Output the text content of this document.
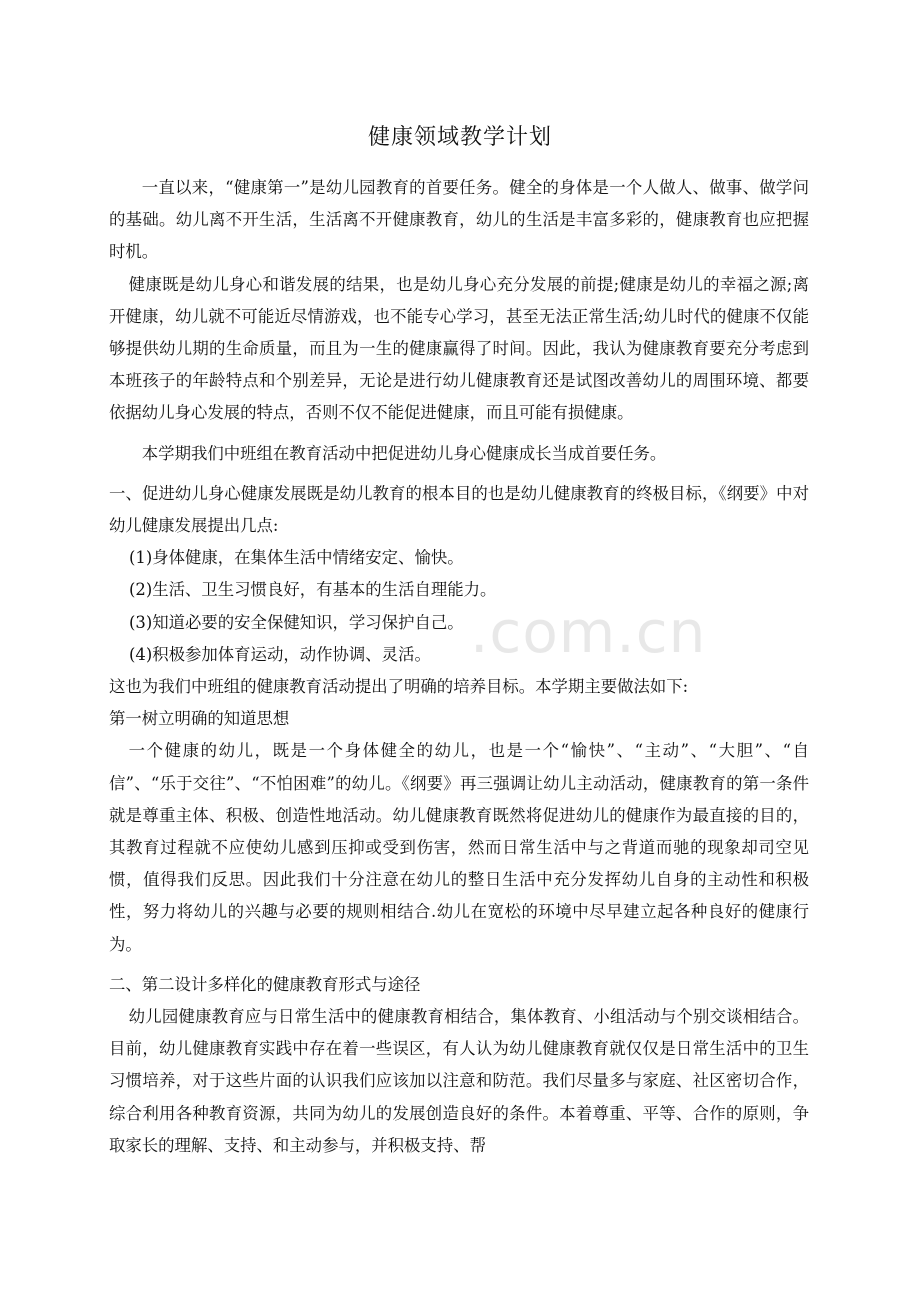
健康领域教学计划

一直以来，“健康第一”是幼儿园教育的首要任务。健全的身体是一个人做人、做事、做学问的基础。幼儿离不开生活，生活离不开健康教育，幼儿的生活是丰富多彩的，健康教育也应把握时机。

健康既是幼儿身心和谐发展的结果，也是幼儿身心充分发展的前提;健康是幼儿的幸福之源;离开健康，幼儿就不可能近尽情游戏，也不能专心学习，甚至无法正常生活;幼儿时代的健康不仅能够提供幼儿期的生命质量，而且为一生的健康赢得了时间。因此，我认为健康教育要充分考虑到本班孩子的年龄特点和个别差异，无论是进行幼儿健康教育还是试图改善幼儿的周围环境、都要依据幼儿身心发展的特点，否则不仅不能促进健康，而且可能有损健康。

本学期我们中班组在教育活动中把促进幼儿身心健康成长当成首要任务。

一、促进幼儿身心健康发展既是幼儿教育的根本目的也是幼儿健康教育的终极目标，《纲要》中对幼儿健康发展提出几点:

(1)身体健康，在集体生活中情绪安定、愉快。

(2)生活、卫生习惯良好，有基本的生活自理能力。

(3)知道必要的安全保健知识，学习保护自己。

(4)积极参加体育运动，动作协调、灵活。

这也为我们中班组的健康教育活动提出了明确的培养目标。本学期主要做法如下:

第一树立明确的知道思想

一个健康的幼儿，既是一个身体健全的幼儿，也是一个“愉快”、“主动”、“大胆”、“自信”、“乐于交往”、“不怕困难”的幼儿。《纲要》再三强调让幼儿主动活动，健康教育的第一条件就是尊重主体、积极、创造性地活动。幼儿健康教育既然将促进幼儿的健康作为最直接的目的，其教育过程就不应使幼儿感到压抑或受到伤害，然而日常生活中与之背道而驰的现象却司空见惯，值得我们反思。因此我们十分注意在幼儿的整日生活中充分发挥幼儿自身的主动性和积极性，努力将幼儿的兴趣与必要的规则相结合.幼儿在宽松的环境中尽早建立起各种良好的健康行为。

二、第二设计多样化的健康教育形式与途径

幼儿园健康教育应与日常生活中的健康教育相结合，集体教育、小组活动与个别交谈相结合。目前，幼儿健康教育实践中存在着一些误区，有人认为幼儿健康教育就仅仅是日常生活中的卫生习惯培养，对于这些片面的认识我们应该加以注意和防范。我们尽量多与家庭、社区密切合作，综合利用各种教育资源，共同为幼儿的发展创造良好的条件。本着尊重、平等、合作的原则，争取家长的理解、支持、和主动参与，并积极支持、帮

.com.cn
